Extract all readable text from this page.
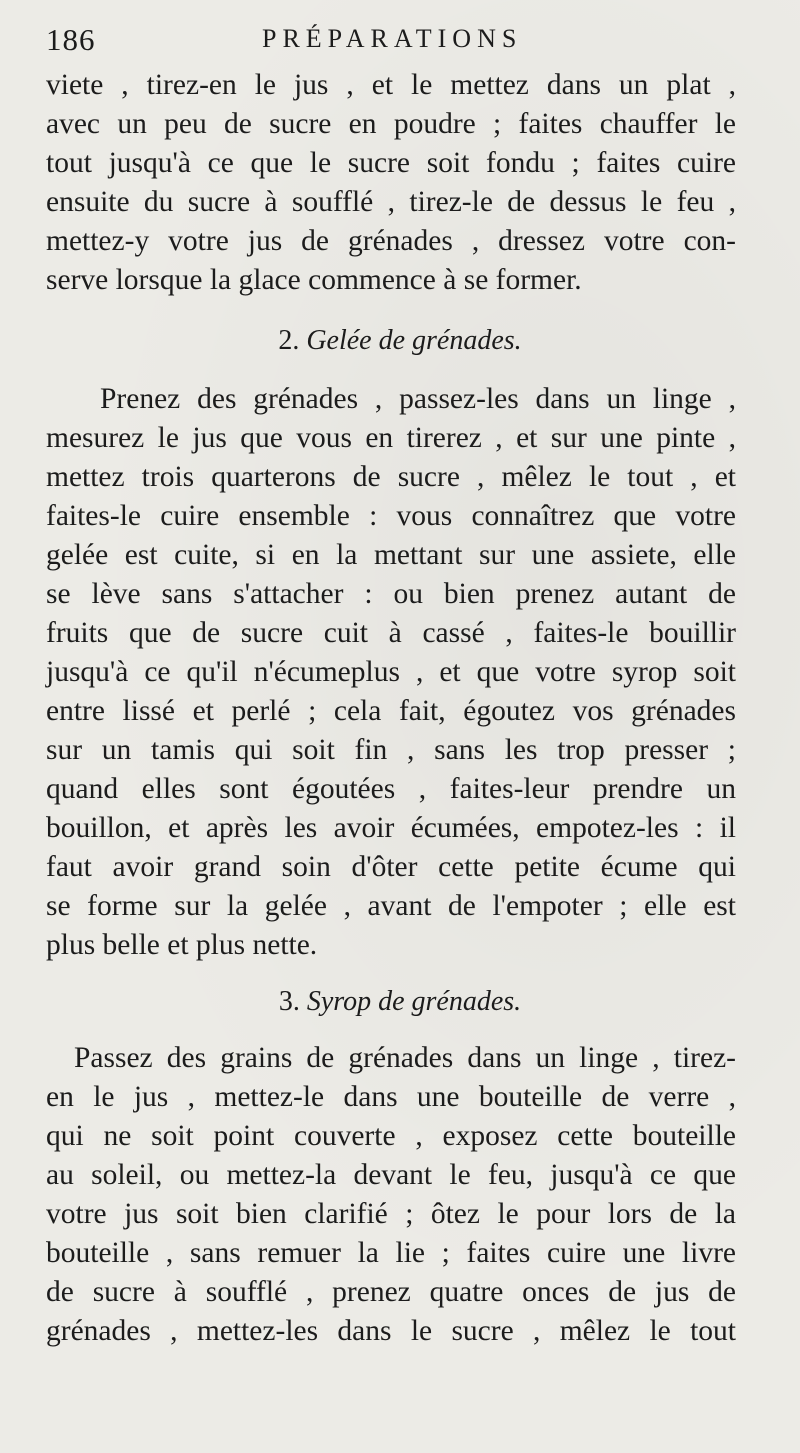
186	PRÉPARATIONS
viete , tirez-en le jus , et le mettez dans un plat ,
avec un peu de sucre en poudre ; faites chauffer le
tout jusqu'à ce que le sucre soit fondu ; faites cuire
ensuite du sucre à soufflé , tirez-le de dessus le feu ,
mettez-y votre jus de grénades , dressez votre con-
serve lorsque la glace commence à se former.
2. Gelée de grénades.
Prenez des grénades , passez-les dans un linge ,
mesurez le jus que vous en tirerez , et sur une pinte ,
mettez trois quarterons de sucre , mêlez le tout , et
faites-le cuire ensemble : vous connaîtrez que votre
gelée est cuite, si en la mettant sur une assiete, elle
se lève sans s'attacher : ou bien prenez autant de
fruits que de sucre cuit à cassé , faites-le bouillir
jusqu'à ce qu'il n'écumeplus , et que votre syrop soit
entre lissé et perlé ; cela fait, égoutez vos grénades
sur un tamis qui soit fin , sans les trop presser ;
quand elles sont égoutées , faites-leur prendre un
bouillon, et après les avoir écumées, empotez-les : il
faut avoir grand soin d'ôter cette petite écume qui
se forme sur la gelée , avant de l'empoter ; elle est
plus belle et plus nette.
3. Syrop de grénades.
Passez des grains de grénades dans un linge , tirez-
en le jus , mettez-le dans une bouteille de verre ,
qui ne soit point couverte , exposez cette bouteille
au soleil, ou mettez-la devant le feu, jusqu'à ce que
votre jus soit bien clarifié ; ôtez le pour lors de la
bouteille , sans remuer la lie ; faites cuire une livre
de sucre à soufflé , prenez quatre onces de jus de
grénades , mettez-les dans le sucre , mêlez le tout
